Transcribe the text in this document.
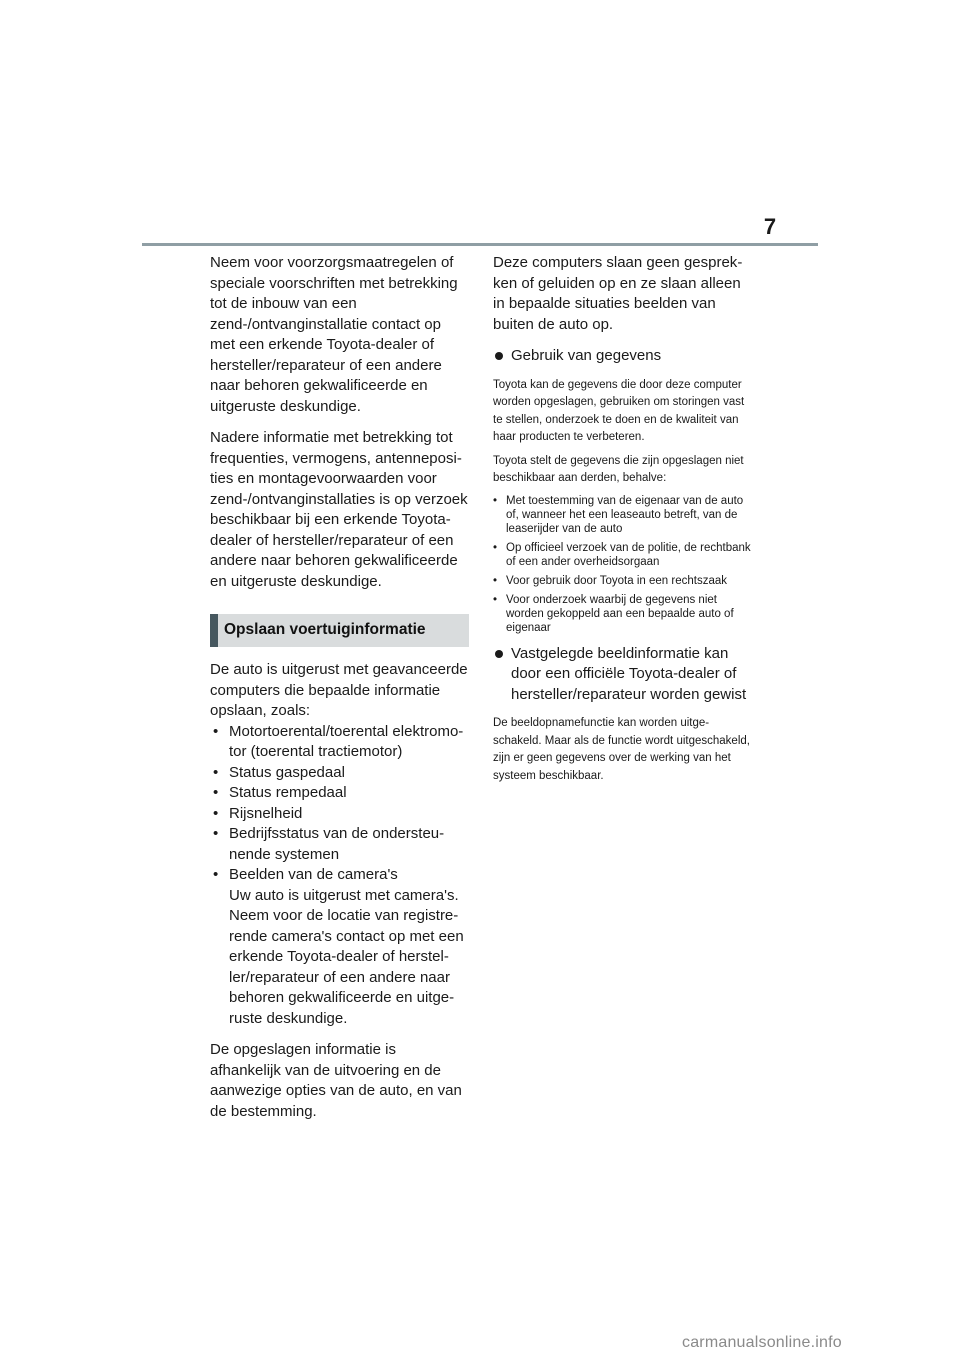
7

Neem voor voorzorgsmaatregelen of speciale voorschriften met betrekking tot de inbouw van een zend-/ontvanginstallatie contact op met een erkende Toyota-dealer of hersteller/reparateur of een andere naar behoren gekwalificeerde en uitgeruste deskundige.

Nadere informatie met betrekking tot frequenties, vermogens, antenneposities en montagevoorwaarden voor zend-/ontvanginstallaties is op verzoek beschikbaar bij een erkende Toyota-dealer of hersteller/reparateur of een andere naar behoren gekwalificeerde en uitgeruste deskundige.

Opslaan voertuiginformatie

De auto is uitgerust met geavanceerde computers die bepaalde informatie opslaan, zoals:

• Motortoerental/toerental elektromotor (toerental tractiemotor)
• Status gaspedaal
• Status rempedaal
• Rijsnelheid
• Bedrijfsstatus van de ondersteunende systemen
• Beelden van de camera's
Uw auto is uitgerust met camera's. Neem voor de locatie van registrerende camera's contact op met een erkende Toyota-dealer of hersteller/reparateur of een andere naar behoren gekwalificeerde en uitgeruste deskundige.

De opgeslagen informatie is afhankelijk van de uitvoering en de aanwezige opties van de auto, en van de bestemming.

Deze computers slaan geen gesprekken of geluiden op en ze slaan alleen in bepaalde situaties beelden van buiten de auto op.

Gebruik van gegevens

Toyota kan de gegevens die door deze computer worden opgeslagen, gebruiken om storingen vast te stellen, onderzoek te doen en de kwaliteit van haar producten te verbeteren.

Toyota stelt de gegevens die zijn opgeslagen niet beschikbaar aan derden, behalve:

• Met toestemming van de eigenaar van de auto of, wanneer het een leaseauto betreft, van de leaserijder van de auto
• Op officieel verzoek van de politie, de rechtbank of een ander overheidsorgaan
• Voor gebruik door Toyota in een rechtszaak
• Voor onderzoek waarbij de gegevens niet worden gekoppeld aan een bepaalde auto of eigenaar
Vastgelegde beeldinformatie kan door een officiële Toyota-dealer of hersteller/reparateur worden gewist

De beeldopnamefunctie kan worden uitgeschakeld. Maar als de functie wordt uitgeschakeld, zijn er geen gegevens over de werking van het systeem beschikbaar.

carmanualsonline.info
